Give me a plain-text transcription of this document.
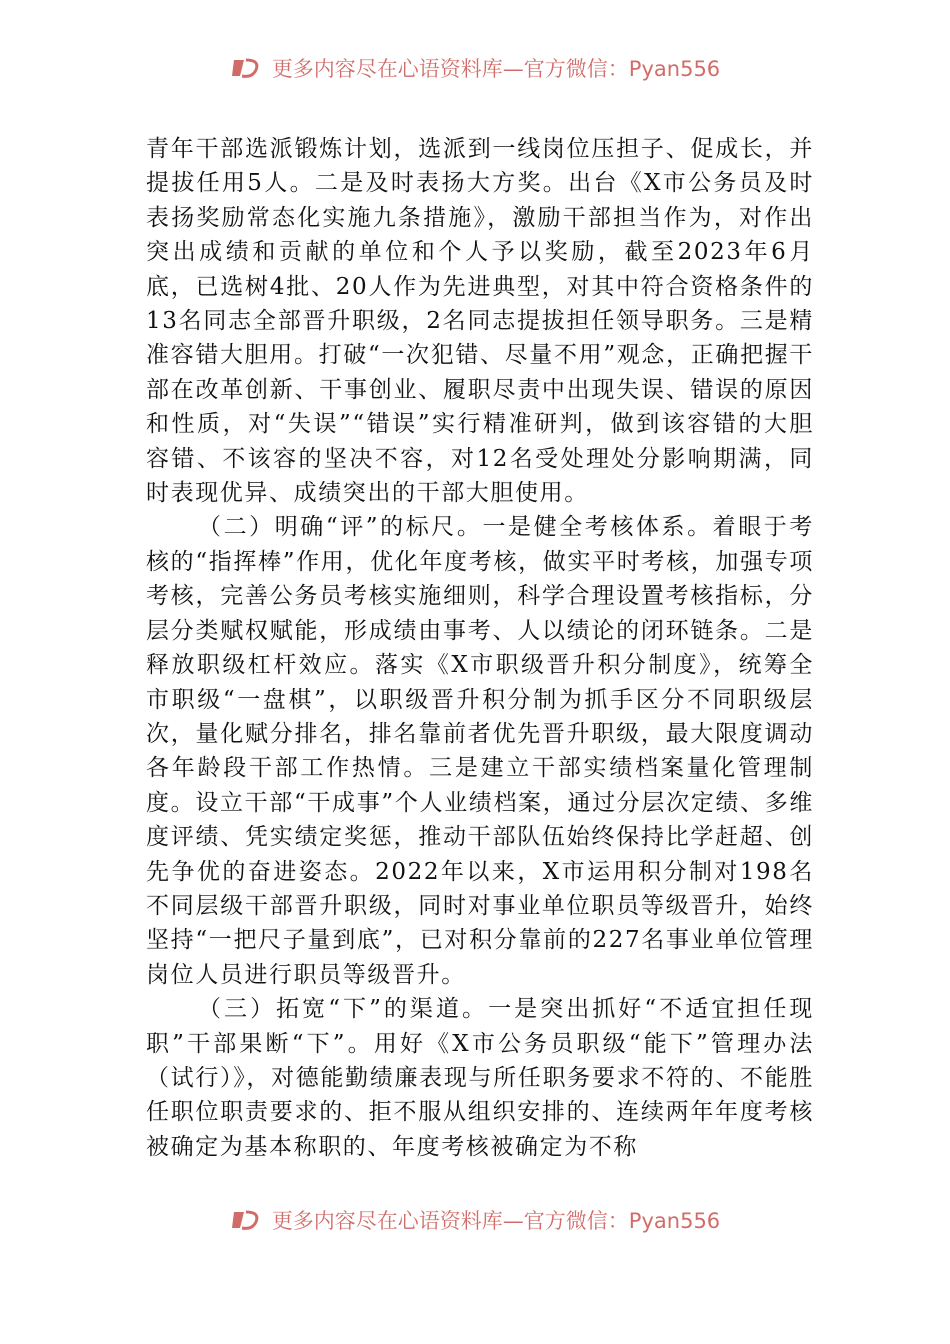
更多内容尽在心语资料库—官方微信：Pyan556

青年干部选派锻炼计划，选派到一线岗位压担子、促成长，并提拔任用5人。二是及时表扬大方奖。出台《X市公务员及时表扬奖励常态化实施九条措施》，激励干部担当作为，对作出突出成绩和贡献的单位和个人予以奖励，截至2023年6月底，已选树4批、20人作为先进典型，对其中符合资格条件的13名同志全部晋升职级，2名同志提拔担任领导职务。三是精准容错大胆用。打破“一次犯错、尽量不用”观念，正确把握干部在改革创新、干事创业、履职尽责中出现失误、错误的原因和性质，对“失误”“错误”实行精准研判，做到该容错的大胆容错、不该容的坚决不容，对12名受处理处分影响期满，同时表现优异、成绩突出的干部大胆使用。

（二）明确“评”的标尺。一是健全考核体系。着眼于考核的“指挥棒”作用，优化年度考核，做实平时考核，加强专项考核，完善公务员考核实施细则，科学合理设置考核指标，分层分类赋权赋能，形成绩由事考、人以绩论的闭环链条。二是释放职级杠杆效应。落实《X市职级晋升积分制度》，统筹全市职级“一盘棋”，以职级晋升积分制为抓手区分不同职级层次，量化赋分排名，排名靠前者优先晋升职级，最大限度调动各年龄段干部工作热情。三是建立干部实绩档案量化管理制度。设立干部“干成事”个人业绩档案，通过分层次定绩、多维度评绩、凭实绩定奖惩，推动干部队伍始终保持比学赶超、创先争优的奋进姿态。2022年以来，X市运用积分制对198名不同层级干部晋升职级，同时对事业单位职员等级晋升，始终坚持“一把尺子量到底”，已对积分靠前的227名事业单位管理岗位人员进行职员等级晋升。

（三）拓宽“下”的渠道。一是突出抓好“不适宜担任现职”干部果断“下”。用好《X市公务员职级“能下”管理办法（试行）》，对德能勤绩廉表现与所任职务要求不符的、不能胜任职位职责要求的、拒不服从组织安排的、连续两年年度考核被确定为基本称职的、年度考核被确定为不称

更多内容尽在心语资料库—官方微信：Pyan556
